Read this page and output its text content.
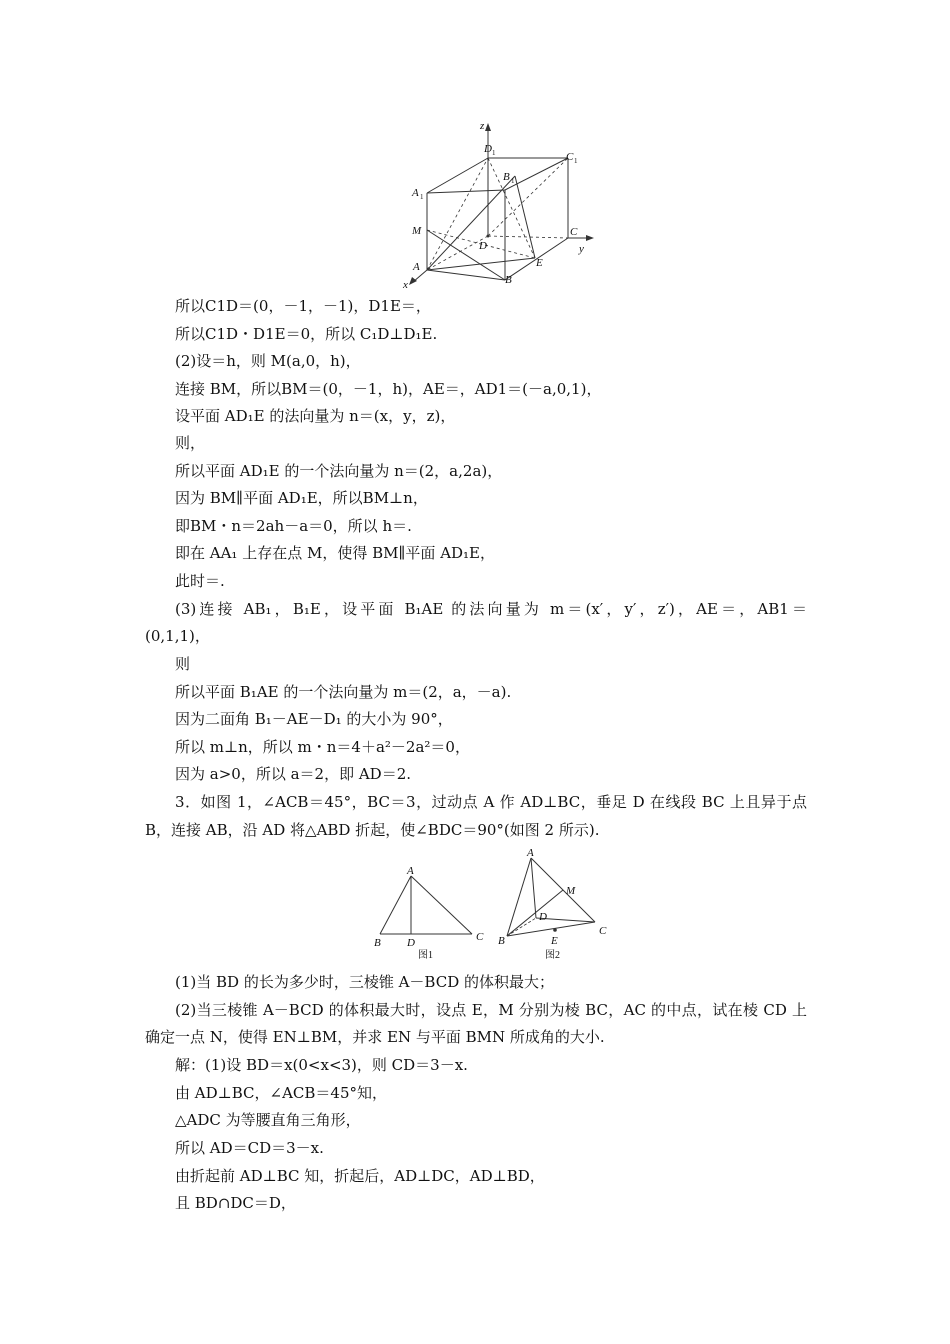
z
D 1	C 1
B 1
A 1
M
D
C
y
A	E
B
x
所以C1D＝(0，－1，－1)，D1E＝，
所以C1D・D1E＝0，所以 C₁D⊥D₁E.
(2)设＝h，则 M(a,0，h)，
连接 BM，所以BM＝(0，－1，h)，AE＝，AD1＝(－a,0,1)，
设平面 AD₁E 的法向量为 n＝(x，y，z)，
则，
所以平面 AD₁E 的一个法向量为 n＝(2，a,2a)，
因为 BM∥平面 AD₁E，所以BM⊥n，
即BM・n＝2ah－a＝0，所以 h＝.
即在 AA₁ 上存在点 M，使得 BM∥平面 AD₁E，
此时＝.
(3)连接 AB₁，B₁E，设平面 B₁AE 的法向量为 m＝(x′，y′，z′)，AE＝，AB1＝
(0,1,1)，
则
所以平面 B₁AE 的一个法向量为 m＝(2，a，－a).
因为二面角 B₁－AE－D₁ 的大小为 90°，
所以 m⊥n，所以 m・n＝4＋a²－2a²＝0，
因为 a>0，所以 a＝2，即 AD＝2.
3．如图 1，∠ACB＝45°，BC＝3，过动点 A 作 AD⊥BC，垂足 D 在线段 BC 上且异于点
B，连接 AB，沿 AD 将△ABD 折起，使∠BDC＝90°(如图 2 所示).
A
B D	C
图1
A
M
D
B	E
C
图2
(1)当 BD 的长为多少时，三棱锥 A－BCD 的体积最大；
(2)当三棱锥 A－BCD 的体积最大时，设点 E，M 分别为棱 BC，AC 的中点，试在棱 CD 上
确定一点 N，使得 EN⊥BM，并求 EN 与平面 BMN 所成角的大小.
解：(1)设 BD＝x(0<x<3)，则 CD＝3－x.
由 AD⊥BC，∠ACB＝45°知，
△ADC 为等腰直角三角形，
所以 AD＝CD＝3－x.
由折起前 AD⊥BC 知，折起后，AD⊥DC，AD⊥BD，
且 BD∩DC＝D，
